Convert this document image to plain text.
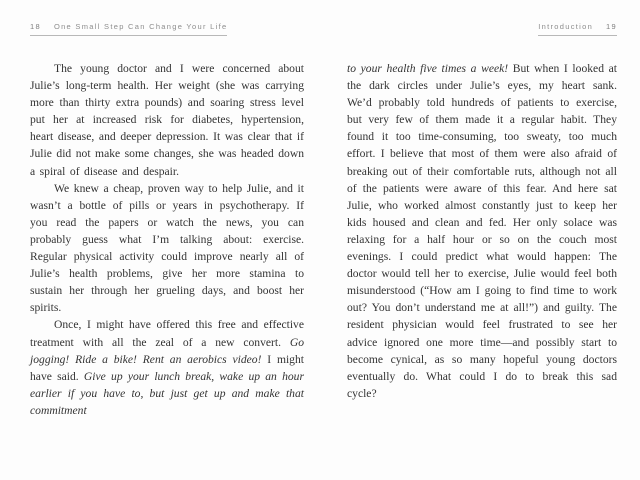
18 One Small Step Can Change Your Life

The young doctor and I were concerned about Julie’s long-term health. Her weight (she was carrying more than thirty extra pounds) and soaring stress level put her at increased risk for diabetes, hypertension, heart disease, and deeper depression. It was clear that if Julie did not make some changes, she was headed down a spiral of disease and despair.

We knew a cheap, proven way to help Julie, and it wasn’t a bottle of pills or years in psychotherapy. If you read the papers or watch the news, you can probably guess what I’m talking about: exercise. Regular physical activity could improve nearly all of Julie’s health problems, give her more stamina to sustain her through her grueling days, and boost her spirits.

Once, I might have offered this free and effective treatment with all the zeal of a new convert. Go jogging! Ride a bike! Rent an aerobics video! I might have said. Give up your lunch break, wake up an hour earlier if you have to, but just get up and make that commitment

Introduction 19

to your health five times a week! But when I looked at the dark circles under Julie’s eyes, my heart sank. We’d probably told hundreds of patients to exercise, but very few of them made it a regular habit. They found it too time-consuming, too sweaty, too much effort. I believe that most of them were also afraid of breaking out of their comfortable ruts, although not all of the patients were aware of this fear. And here sat Julie, who worked almost constantly just to keep her kids housed and clean and fed. Her only solace was relaxing for a half hour or so on the couch most evenings. I could predict what would happen: The doctor would tell her to exercise, Julie would feel both misunderstood (“How am I going to find time to work out? You don’t understand me at all!”) and guilty. The resident physician would feel frustrated to see her advice ignored one more time—and possibly start to become cynical, as so many hopeful young doctors eventually do. What could I do to break this sad cycle?
